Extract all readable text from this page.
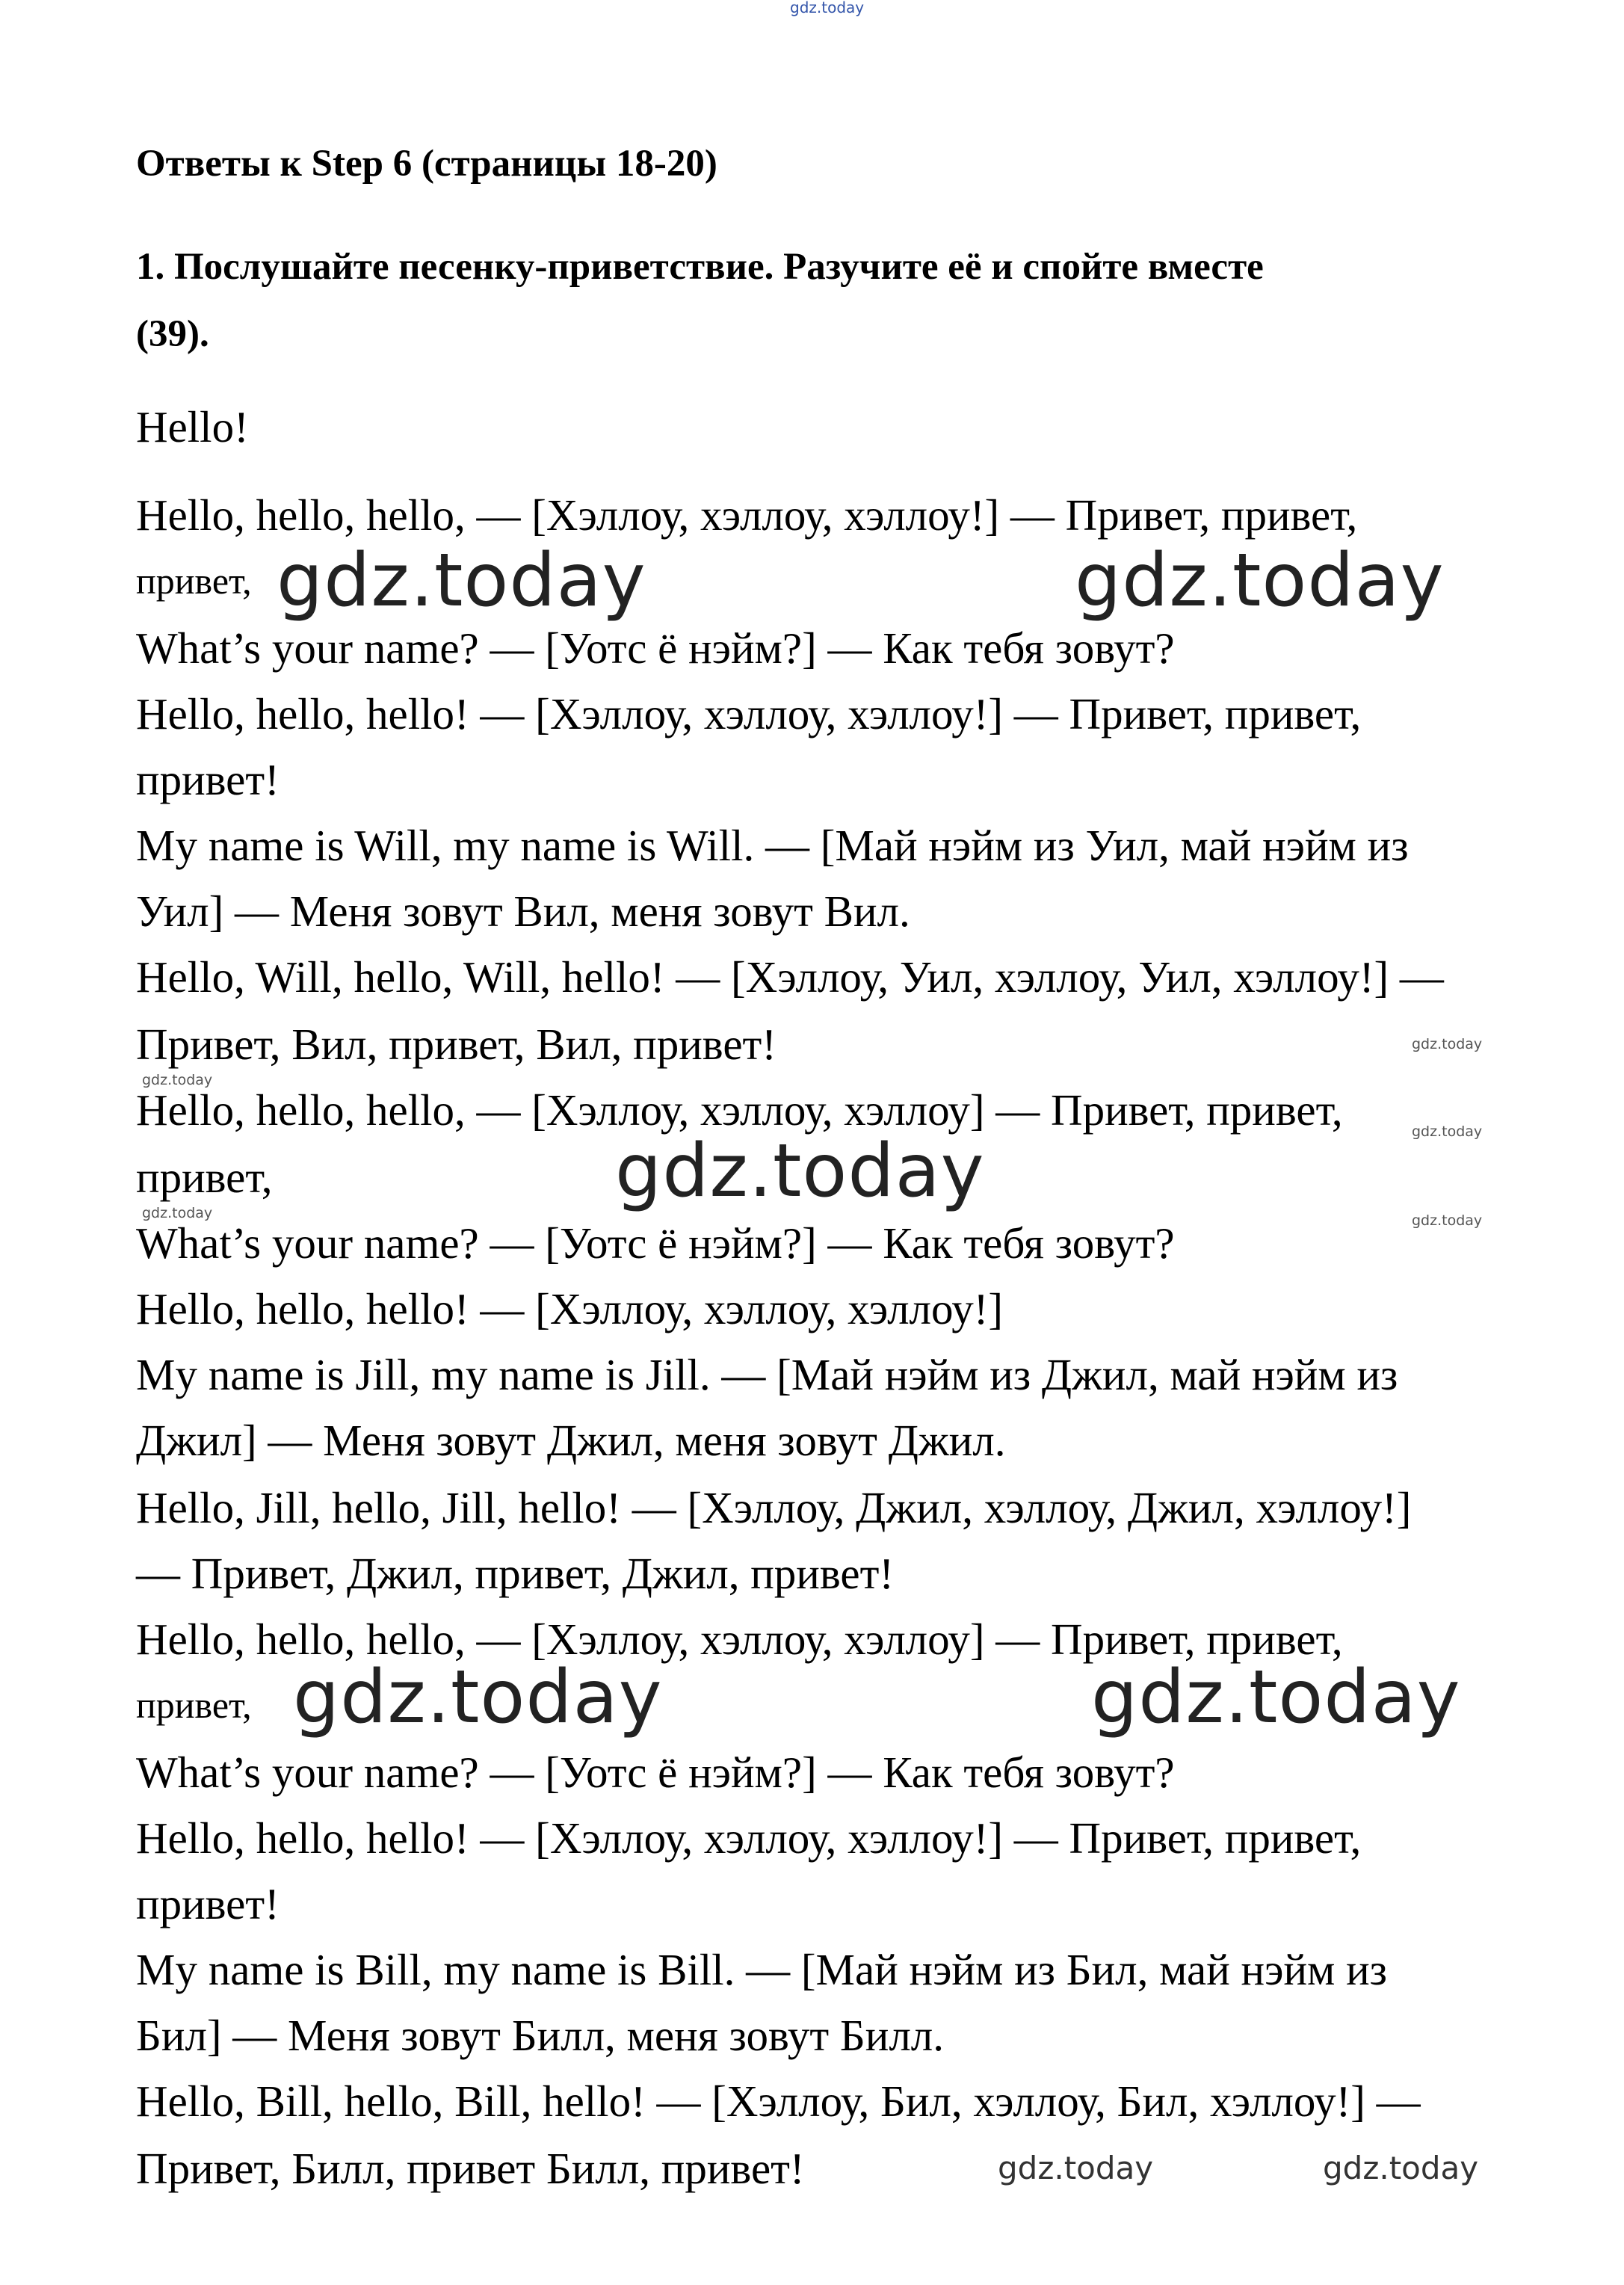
gdz.today
Ответы к Step 6 (страницы 18-20)
1. Послушайте песенку-приветствие. Разучите её и спойте вместе
(39).
Hello!
Hello, hello, hello, — [Хэллоу, хэллоу, хэллоу!] — Привет, привет,
привет,
What’s your name? — [Уотс ё нэйм?] — Как тебя зовут?
Hello, hello, hello! — [Хэллоу, хэллоу, хэллоу!] — Привет, привет,
привет!
My name is Will, my name is Will. — [Май нэйм из Уил, май нэйм из
Уил] — Меня зовут Вил, меня зовут Вил.
Hello, Will, hello, Will, hello! — [Хэллоу, Уил, хэллоу, Уил, хэллоу!] —
Привет, Вил, привет, Вил, привет!
Hello, hello, hello, — [Хэллоу, хэллоу, хэллоу] — Привет, привет,
привет,
What’s your name? — [Уотс ё нэйм?] — Как тебя зовут?
Hello, hello, hello! — [Хэллоу, хэллоу, хэллоу!]
My name is Jill, my name is Jill. — [Май нэйм из Джил, май нэйм из
Джил] — Меня зовут Джил, меня зовут Джил.
Hello, Jill, hello, Jill, hello! — [Хэллоу, Джил, хэллоу, Джил, хэллоу!]
— Привет, Джил, привет, Джил, привет!
Hello, hello, hello, — [Хэллоу, хэллоу, хэллоу] — Привет, привет,
привет,
What’s your name? — [Уотс ё нэйм?] — Как тебя зовут?
Hello, hello, hello! — [Хэллоу, хэллоу, хэллоу!] — Привет, привет,
привет!
My name is Bill, my name is Bill. — [Май нэйм из Бил, май нэйм из
Бил] — Меня зовут Билл, меня зовут Билл.
Hello, Bill, hello, Bill, hello! — [Хэллоу, Бил, хэллоу, Бил, хэллоу!] —
Привет, Билл, привет Билл, привет!
gdz.today	gdz.today
gdz.today
gdz.today
gdz.today
gdz.today
gdz.today	gdz.today
gdz.today	gdz.today
gdz.today	gdz.today
